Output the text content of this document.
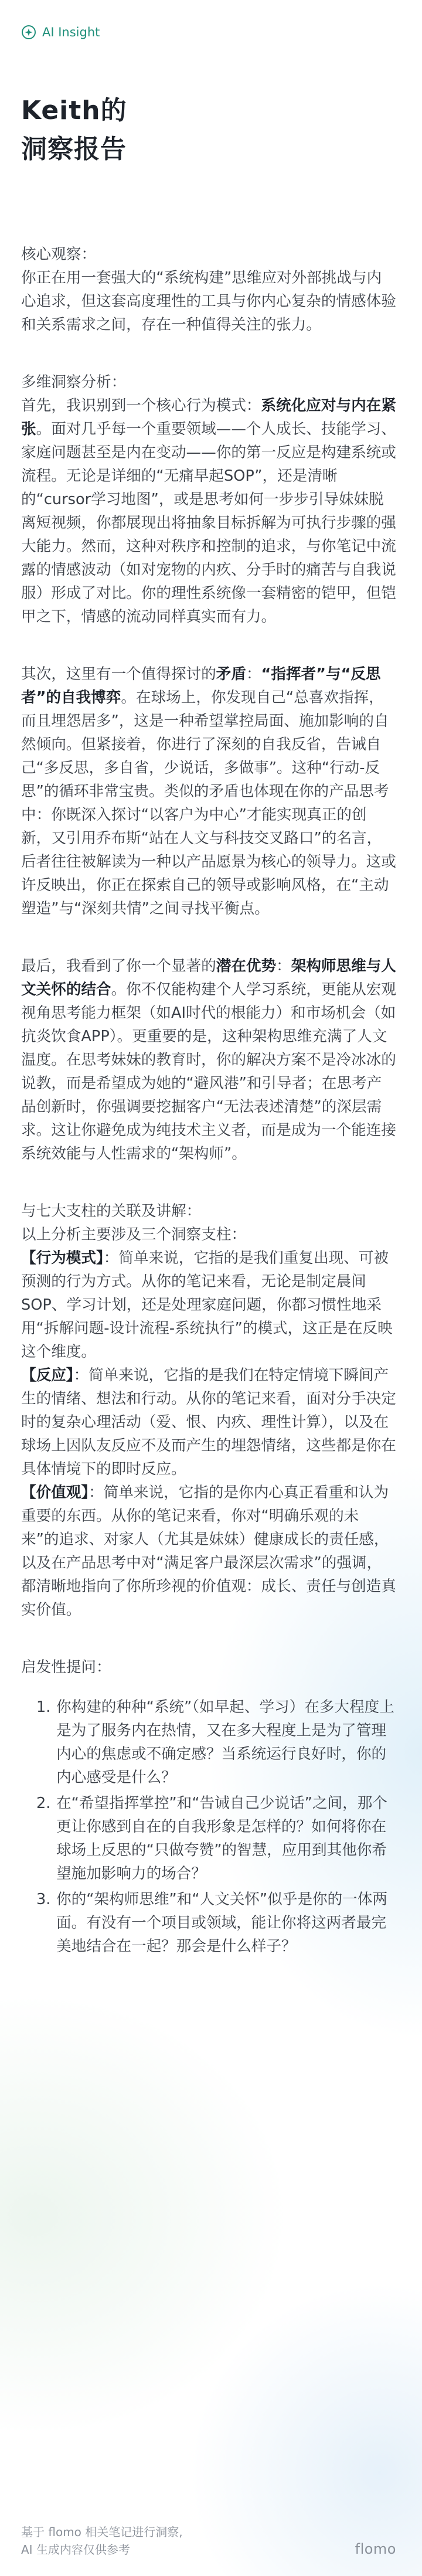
AI Insight
Keith的
洞察报告

核心观察：
你正在用一套强大的“系统构建”思维应对外部挑战与内心追求，但这套高度理性的工具与你内心复杂的情感体验和关系需求之间，存在一种值得关注的张力。

多维洞察分析：
首先，我识别到一个核心行为模式：系统化应对与内在紧张。面对几乎每一个重要领域——个人成长、技能学习、家庭问题甚至是内在变动——你的第一反应是构建系统或流程。无论是详细的“无痛早起SOP”，还是清晰的“cursor学习地图”，或是思考如何一步步引导妹妹脱离短视频，你都展现出将抽象目标拆解为可执行步骤的强大能力。然而，这种对秩序和控制的追求，与你笔记中流露的情感波动（如对宠物的内疚、分手时的痛苦与自我说服）形成了对比。你的理性系统像一套精密的铠甲，但铠甲之下，情感的流动同样真实而有力。

其次，这里有一个值得探讨的矛盾：“指挥者”与“反思者”的自我博弈。在球场上，你发现自己“总喜欢指挥，而且埋怨居多”，这是一种希望掌控局面、施加影响的自然倾向。但紧接着，你进行了深刻的自我反省，告诫自己“多反思，多自省，少说话，多做事”。这种“行动-反思”的循环非常宝贵。类似的矛盾也体现在你的产品思考中：你既深入探讨“以客户为中心”才能实现真正的创新，又引用乔布斯“站在人文与科技交叉路口”的名言，后者往往被解读为一种以产品愿景为核心的领导力。这或许反映出，你正在探索自己的领导或影响风格，在“主动塑造”与“深刻共情”之间寻找平衡点。

最后，我看到了你一个显著的潜在优势：架构师思维与人文关怀的结合。你不仅能构建个人学习系统，更能从宏观视角思考能力框架（如AI时代的根能力）和市场机会（如抗炎饮食APP）。更重要的是，这种架构思维充满了人文温度。在思考妹妹的教育时，你的解决方案不是冷冰冰的说教，而是希望成为她的“避风港”和引导者；在思考产品创新时，你强调要挖掘客户“无法表述清楚”的深层需求。这让你避免成为纯技术主义者，而是成为一个能连接系统效能与人性需求的“架构师”。

与七大支柱的关联及讲解：
以上分析主要涉及三个洞察支柱：

【行为模式】：简单来说，它指的是我们重复出现、可被预测的行为方式。从你的笔记来看，无论是制定晨间SOP、学习计划，还是处理家庭问题，你都习惯性地采用“拆解问题-设计流程-系统执行”的模式，这正是在反映这个维度。

【反应】：简单来说，它指的是我们在特定情境下瞬间产生的情绪、想法和行动。从你的笔记来看，面对分手决定时的复杂心理活动（爱、恨、内疚、理性计算），以及在球场上因队友反应不及而产生的埋怨情绪，这些都是你在具体情境下的即时反应。

【价值观】：简单来说，它指的是你内心真正看重和认为重要的东西。从你的笔记来看，你对“明确乐观的未来”的追求、对家人（尤其是妹妹）健康成长的责任感，以及在产品思考中对“满足客户最深层次需求”的强调，都清晰地指向了你所珍视的价值观：成长、责任与创造真实价值。

启发性提问：

你构建的种种“系统”（如早起、学习）在多大程度上是为了服务内在热情，又在多大程度上是为了管理内心的焦虑或不确定感？当系统运行良好时，你的内心感受是什么？
在“希望指挥掌控”和“告诫自己少说话”之间，那个更让你感到自在的自我形象是怎样的？如何将你在球场上反思的“只做夸赞”的智慧，应用到其他你希望施加影响力的场合？
你的“架构师思维”和“人文关怀”似乎是你的一体两面。有没有一个项目或领域，能让你将这两者最完美地结合在一起？那会是什么样子？
基于 flomo 相关笔记进行洞察,
AI 生成内容仅供参考	flomo
